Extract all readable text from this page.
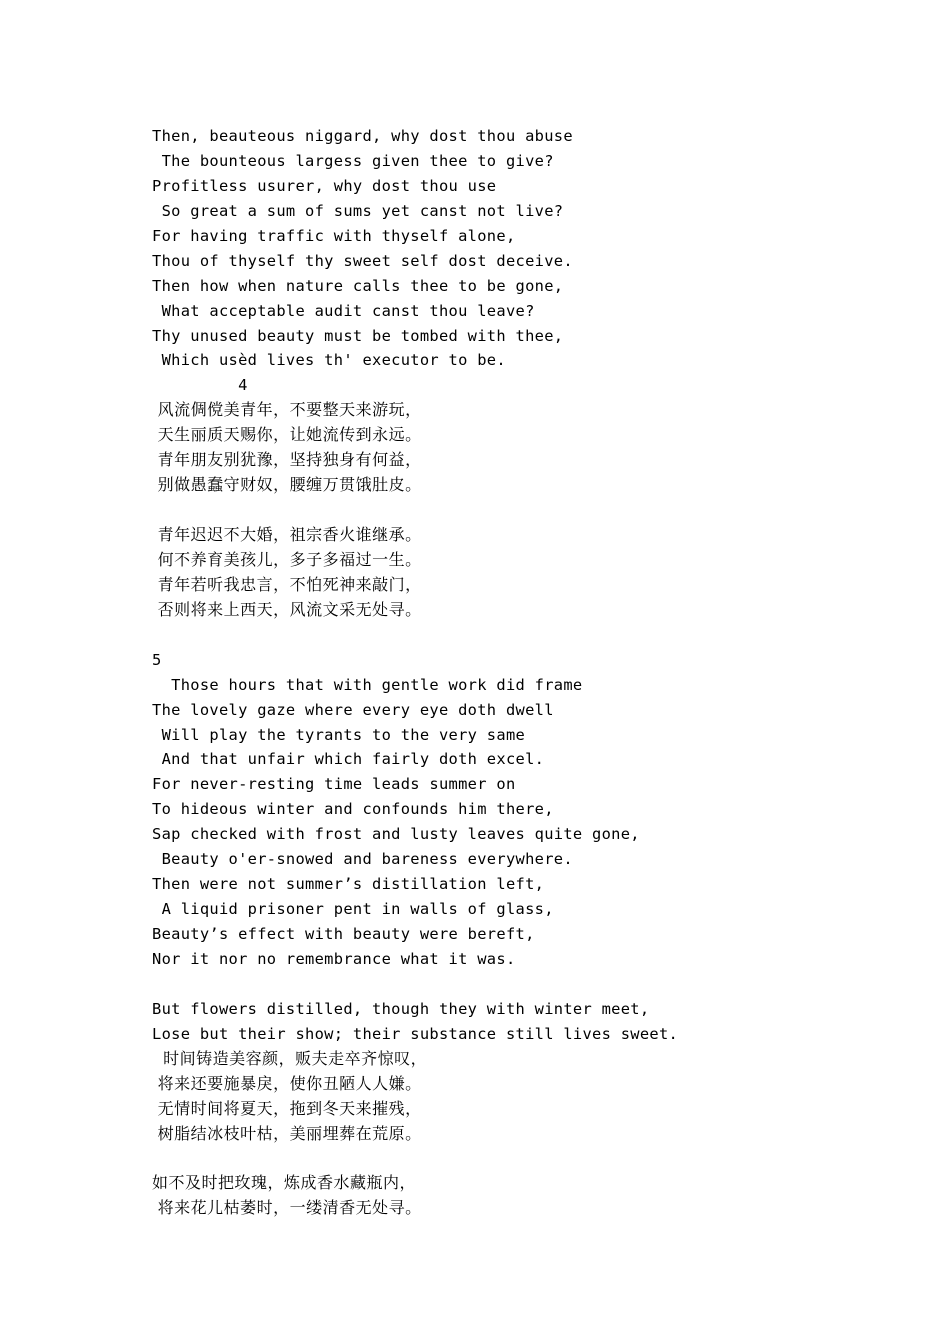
Then, beauteous niggard, why dost thou abuse
The bounteous largess given thee to give?
Profitless usurer, why dost thou use
So great a sum of sums yet canst not live?
For having traffic with thyself alone,
Thou of thyself thy sweet self dost deceive.
Then how when nature calls thee to be gone,
What acceptable audit canst thou leave?
Thy unused beauty must be tombed with thee,
Which usèd lives th' executor to be.
4
风流倜傥美青年，不要整天来游玩，
天生丽质天赐你，让她流传到永远。
青年朋友别犹豫，坚持独身有何益，
别做愚蠢守财奴，腰缠万贯饿肚皮。
青年迟迟不大婚，祖宗香火谁继承。
何不养育美孩儿，多子多福过一生。
青年若听我忠言，不怕死神来敲门，
否则将来上西天，风流文采无处寻。
5
Those hours that with gentle work did frame
The lovely gaze where every eye doth dwell
Will play the tyrants to the very same
And that unfair which fairly doth excel.
For never-resting time leads summer on
To hideous winter and confounds him there,
Sap checked with frost and lusty leaves quite gone,
Beauty o'er-snowed and bareness everywhere.
Then were not summer’s distillation left,
A liquid prisoner pent in walls of glass,
Beauty’s effect with beauty were bereft,
Nor it nor no remembrance what it was.
But flowers distilled, though they with winter meet,
Lose but their show; their substance still lives sweet.
时间铸造美容颜，贩夫走卒齐惊叹，
将来还要施暴戾，使你丑陋人人嫌。
无情时间将夏天，拖到冬天来摧残，
树脂结冰枝叶枯，美丽埋葬在荒原。
如不及时把玫瑰，炼成香水藏瓶内，
将来花儿枯萎时，一缕清香无处寻。
